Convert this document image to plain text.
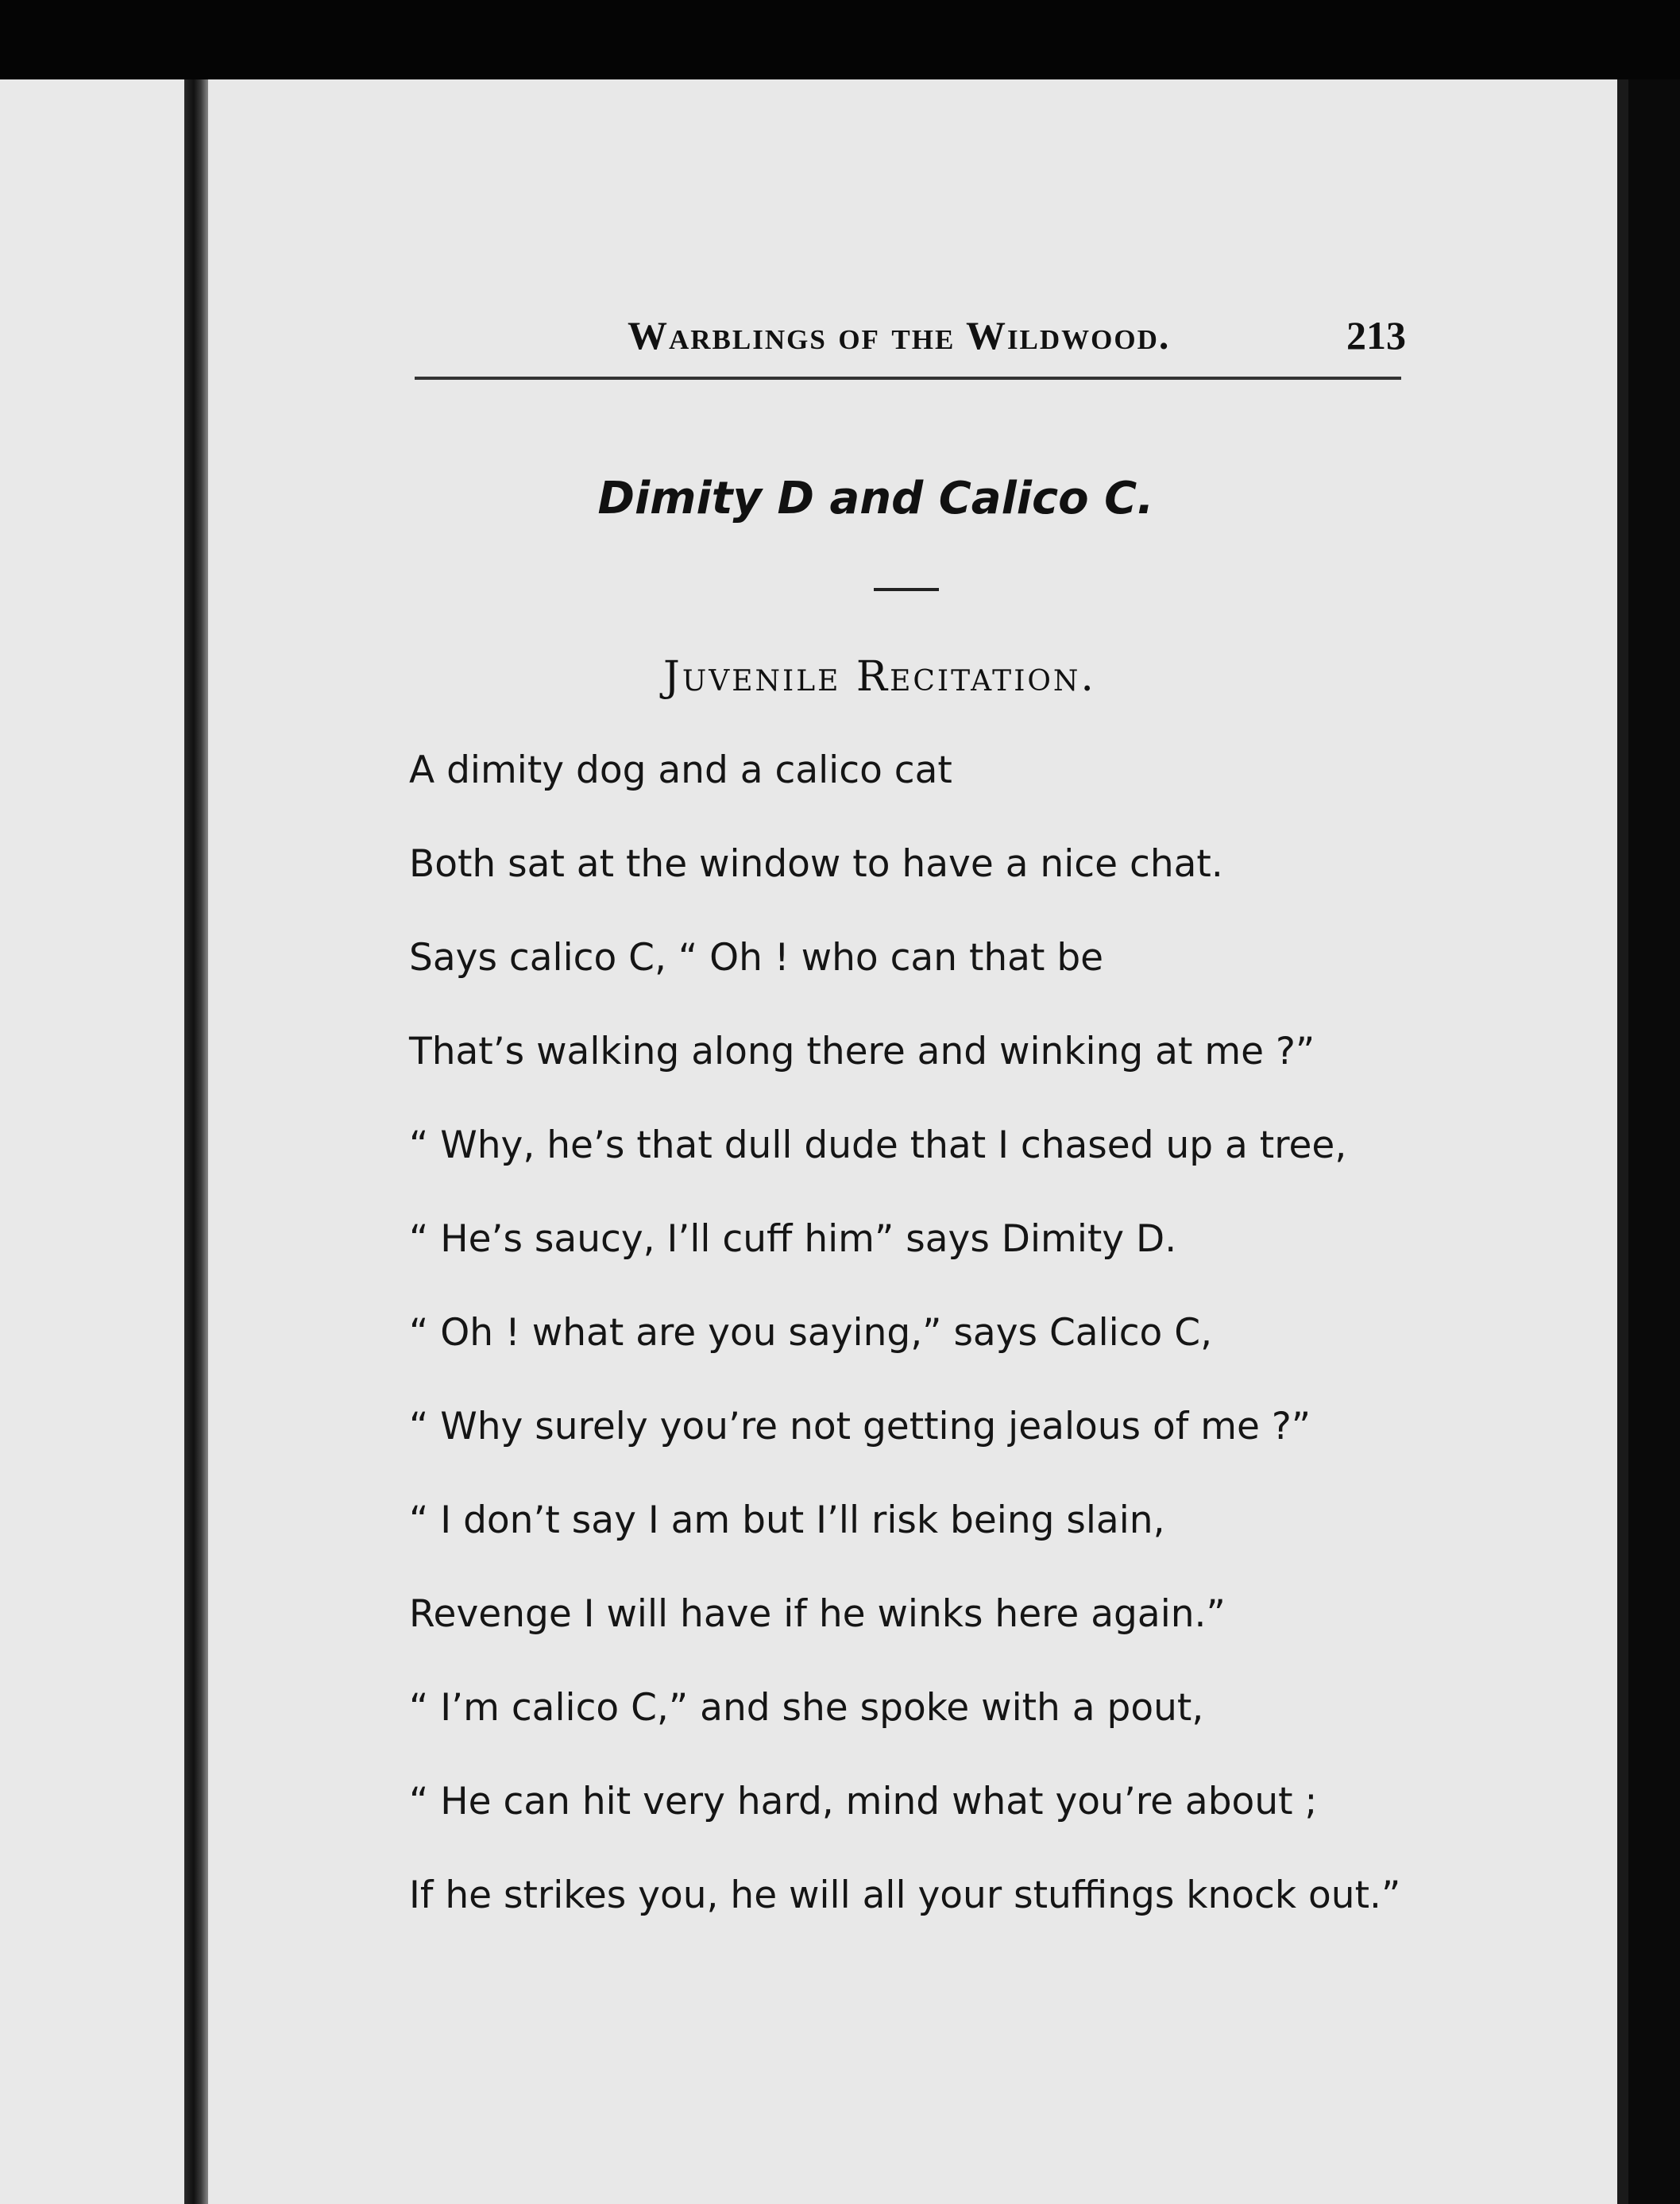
Warblings of the Wildwood.	213
Dimity D and Calico C.
Juvenile Recitation.
A dimity dog and a calico cat
Both sat at the window to have a nice chat.
Says calico C, “ Oh ! who can that be
That’s walking along there and winking at me ?”
“ Why, he’s that dull dude that I chased up a tree,
“ He’s saucy, I’ll cuff him” says Dimity D.
“ Oh ! what are you saying,” says Calico C,
“ Why surely you’re not getting jealous of me ?”
“ I don’t say I am but I’ll risk being slain,
Revenge I will have if he winks here again.”
“ I’m calico C,” and she spoke with a pout,
“ He can hit very hard, mind what you’re about ;
If he strikes you, he will all your stuffings knock out.”
